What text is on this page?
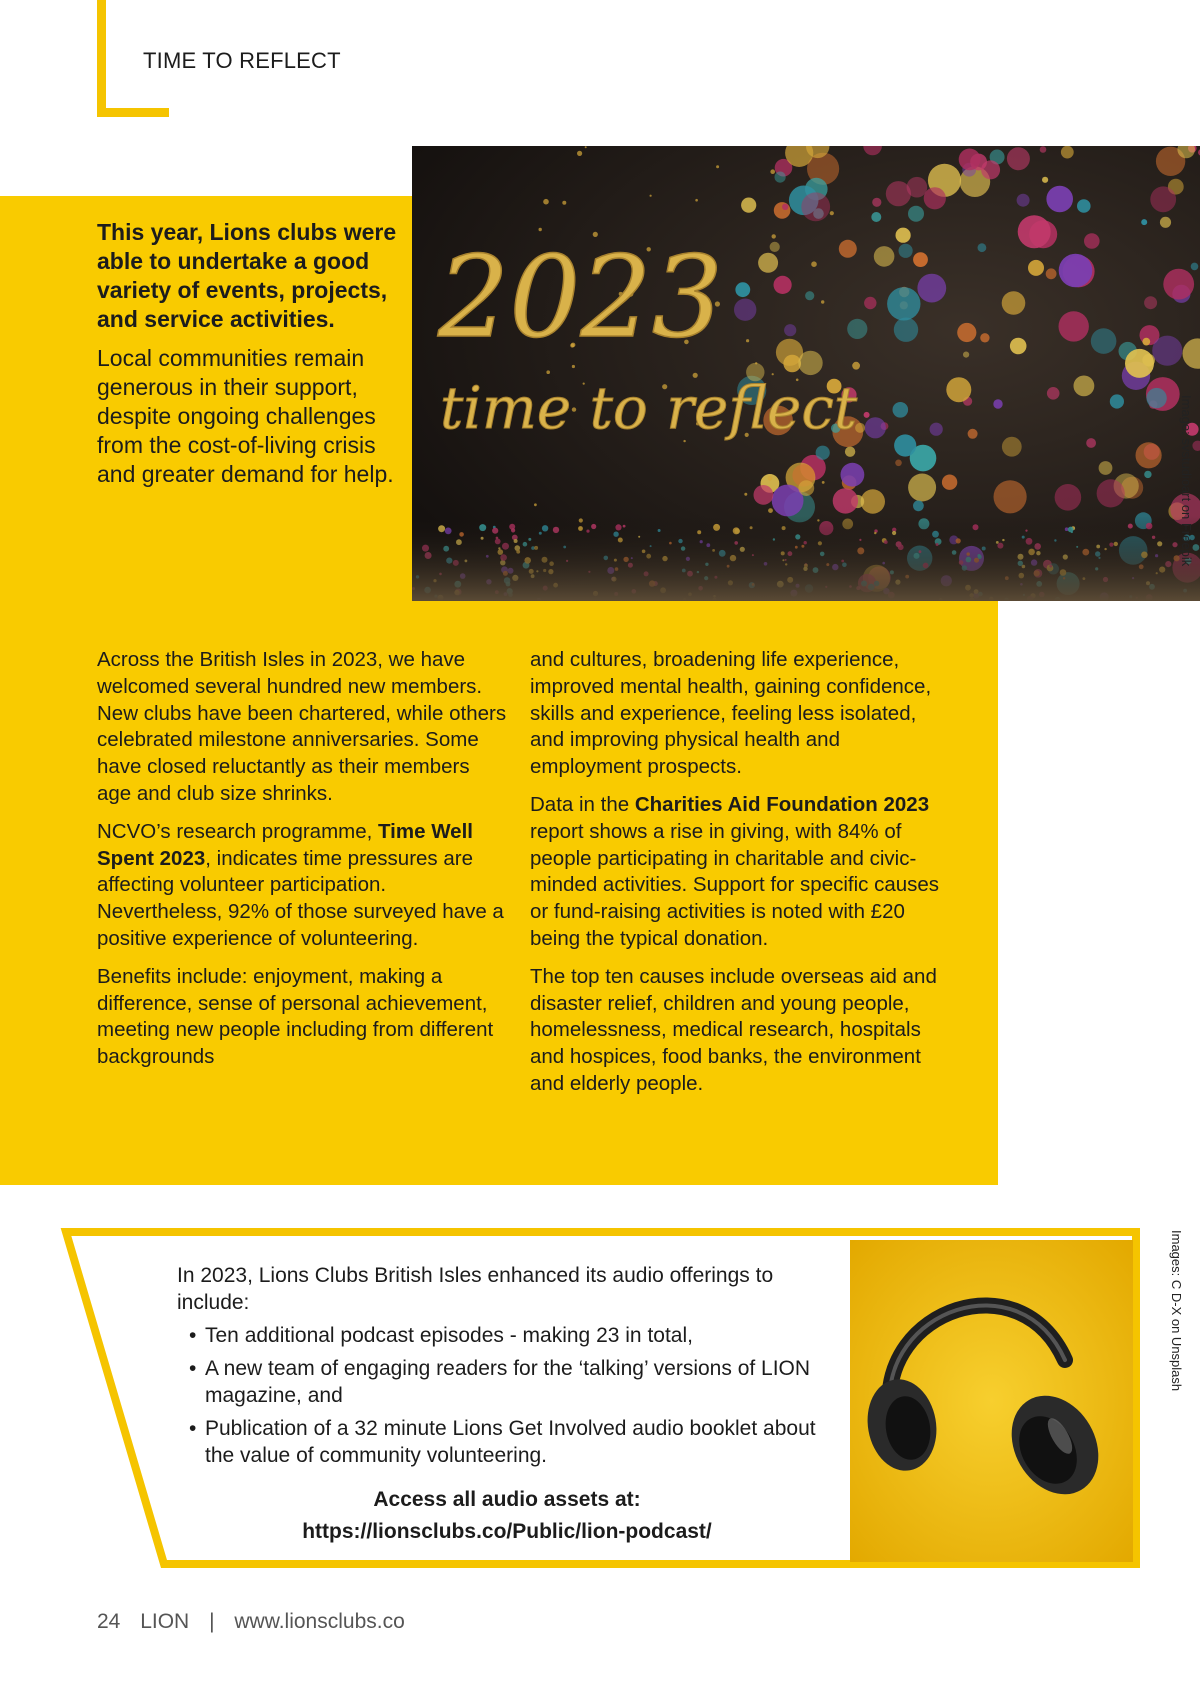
TIME TO REFLECT

This year, Lions clubs were able to undertake a good variety of events, projects, and service activities.

Local communities remain generous in their support, despite ongoing challenges from the cost-of-living crisis and greater demand for help.

2023
time to reflect	Image: svstudioart on Freepik

Across the British Isles in 2023, we have welcomed several hundred new members. New clubs have been chartered, while others celebrated milestone anniversaries. Some have closed reluctantly as their members age and club size shrinks.

NCVO’s research programme, Time Well Spent 2023, indicates time pressures are affecting volunteer participation. Nevertheless, 92% of those surveyed have a positive experience of volunteering.

Benefits include: enjoyment, making a difference, sense of personal achievement, meeting new people including from different backgrounds

and cultures, broadening life experience, improved mental health, gaining confidence, skills and experience, feeling less isolated, and improving physical health and employment prospects.

Data in the Charities Aid Foundation 2023 report shows a rise in giving, with 84% of people participating in charitable and civic-minded activities. Support for specific causes or fund-raising activities is noted with £20 being the typical donation.

The top ten causes include overseas aid and disaster relief, children and young people, homelessness, medical research, hospitals and hospices, food banks, the environment and elderly people.

In 2023, Lions Clubs British Isles enhanced its audio offerings to include:

• Ten additional podcast episodes - making 23 in total,
• A new team of engaging readers for the ‘talking’ versions of LION magazine, and
• Publication of a 32 minute Lions Get Involved audio booklet about the value of community volunteering.
Access all audio assets at:
https://lionsclubs.co/Public/lion-podcast/
Images: C D-X on Unsplash
24 LION | www.lionsclubs.co
